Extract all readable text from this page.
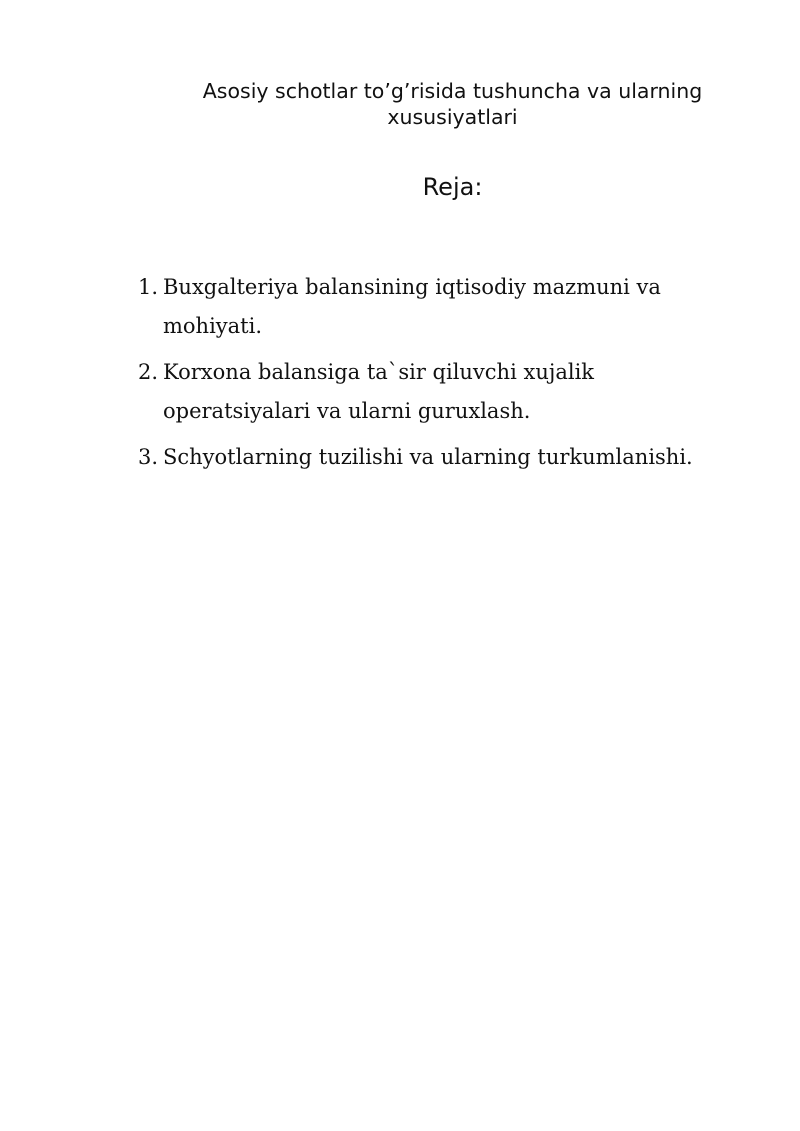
Asosiy schotlar to’g’risida tushuncha va ularning xususiyatlari
Reja:
1. Buxgalteriya balansining iqtisodiy mazmuni va mohiyati.
2. Korxona balansiga ta`sir qiluvchi xujalik operatsiyalari va ularni guruxlash.
3. Schyotlarning tuzilishi va ularning turkumlanishi.
